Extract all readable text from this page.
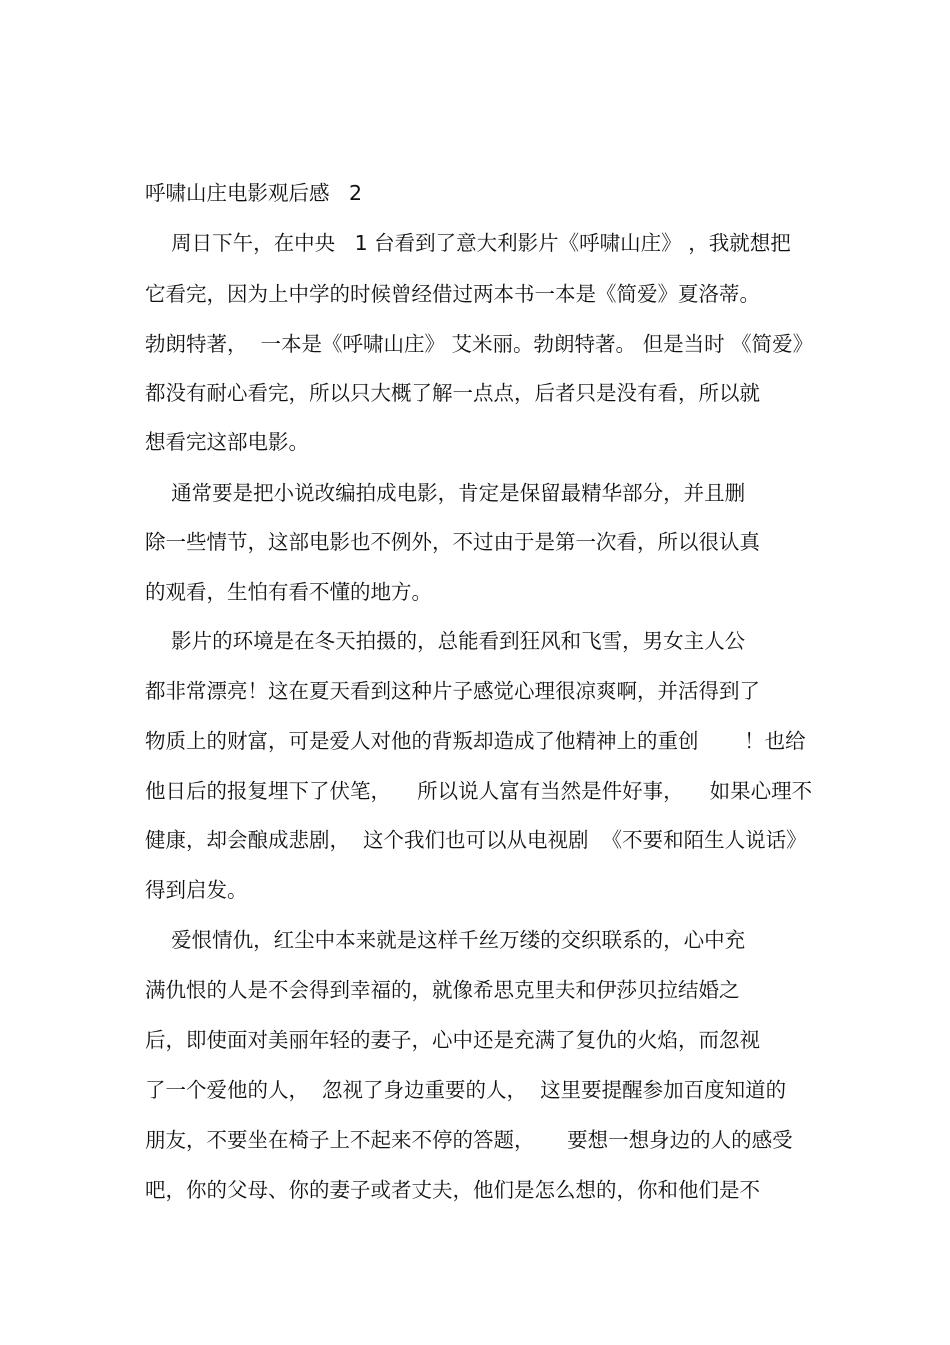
呼啸山庄电影观后感   2

周日下午，在中央   1 台看到了意大利影片《呼啸山庄》 ，我就想把

它看完，因为上中学的时候曾经借过两本书一本是《简爱》夏洛蒂。

勃朗特著，  一本是《呼啸山庄》 艾米丽。勃朗特著。 但是当时 《简爱》

都没有耐心看完，所以只大概了解一点点，后者只是没有看，所以就

想看完这部电影。

通常要是把小说改编拍成电影，肯定是保留最精华部分，并且删

除一些情节，这部电影也不例外，不过由于是第一次看，所以很认真

的观看，生怕有看不懂的地方。

影片的环境是在冬天拍摄的，总能看到狂风和飞雪，男女主人公

都非常漂亮！这在夏天看到这种片子感觉心理很凉爽啊，并活得到了

物质上的财富，可是爱人对他的背叛却造成了他精神上的重创       ！也给

他日后的报复埋下了伏笔，    所以说人富有当然是件好事，    如果心理不

健康，却会酿成悲剧，  这个我们也可以从电视剧  《不要和陌生人说话》

得到启发。

爱恨情仇，红尘中本来就是这样千丝万缕的交织联系的，心中充

满仇恨的人是不会得到幸福的，就像希思克里夫和伊莎贝拉结婚之

后，即使面对美丽年轻的妻子，心中还是充满了复仇的火焰，而忽视

了一个爱他的人，  忽视了身边重要的人，  这里要提醒参加百度知道的

朋友，不要坐在椅子上不起来不停的答题，     要想一想身边的人的感受

吧，你的父母、你的妻子或者丈夫，他们是怎么想的，你和他们是不
